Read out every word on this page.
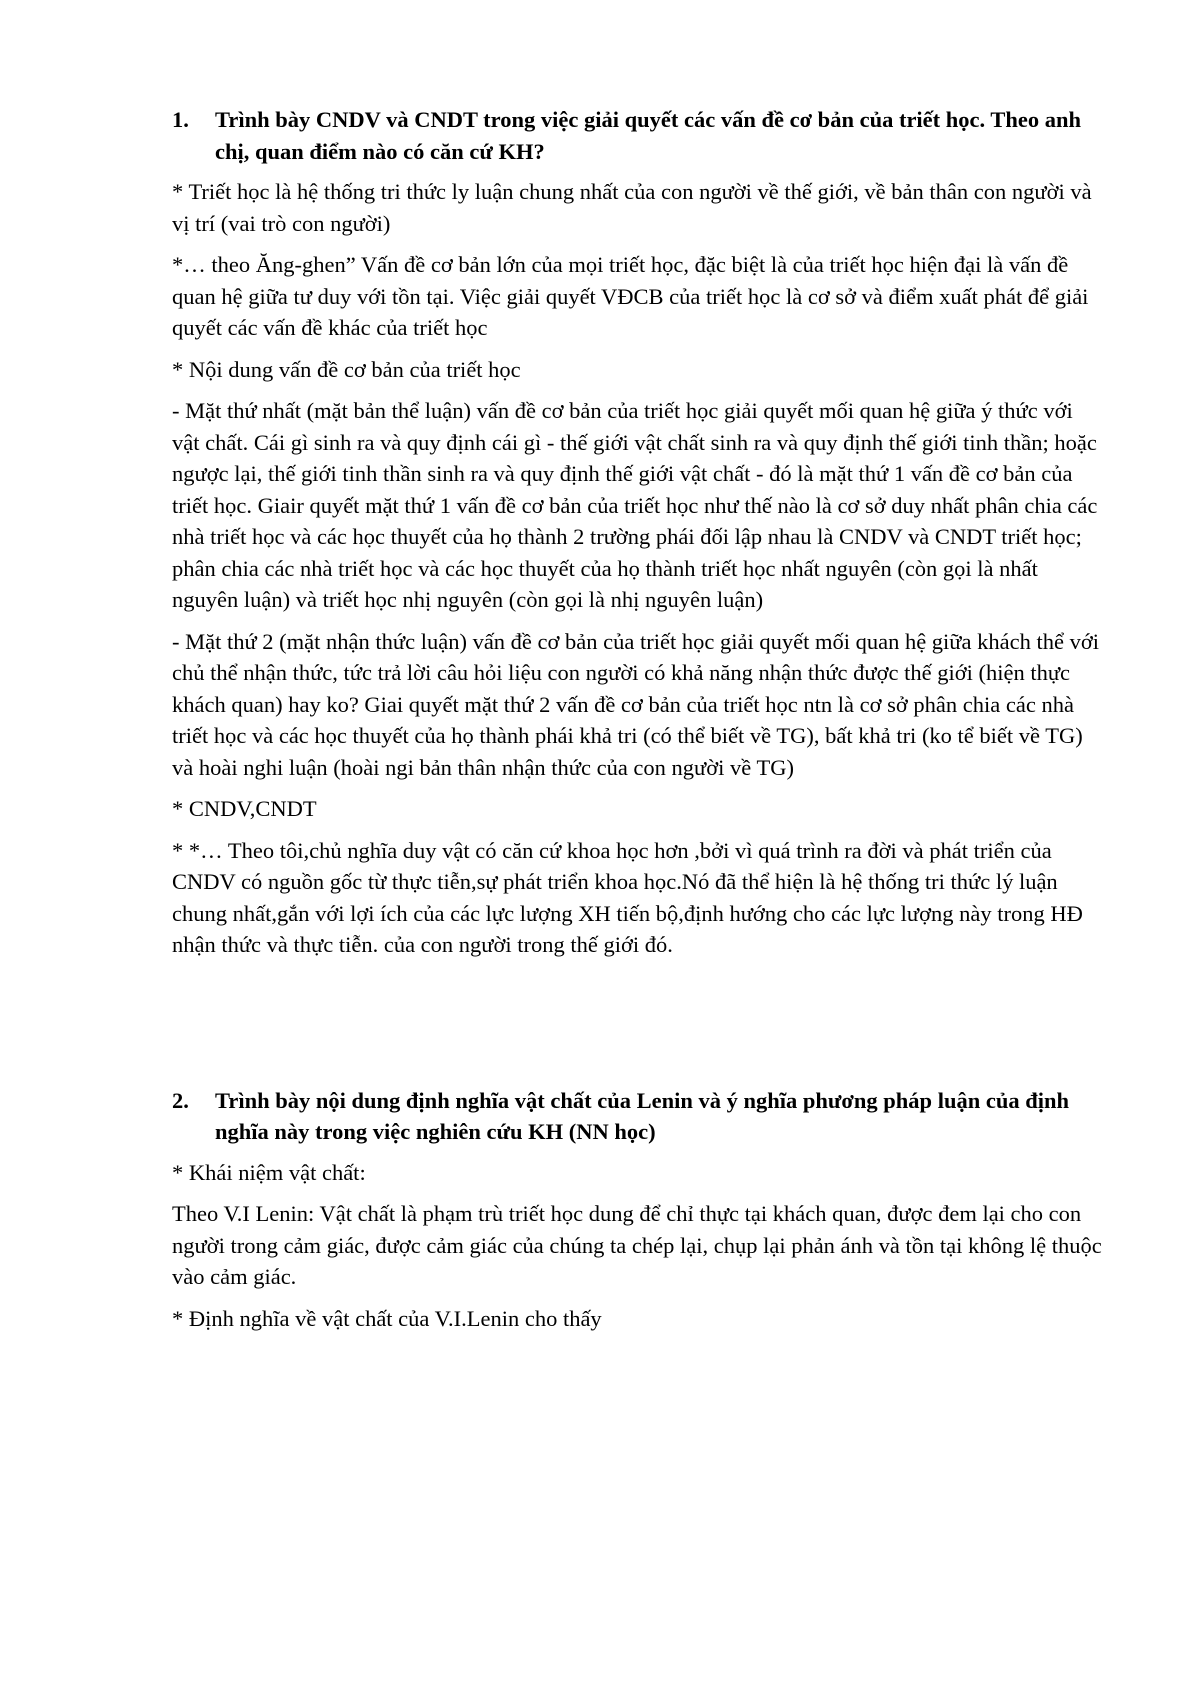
1.	Trình bày CNDV và CNDT trong việc giải quyết các vấn đề cơ bản của triết học. Theo anh chị, quan điểm nào có căn cứ KH?

* Triết học là hệ thống tri thức ly luận chung nhất của con người về thế giới, về bản thân con người và vị trí (vai trò con người)

*… theo Ăng-ghen” Vấn đề cơ bản lớn của mọi triết học, đặc biệt là của triết học hiện đại là vấn đề quan hệ giữa tư duy với tồn tại. Việc giải quyết VĐCB của triết học là cơ sở và điểm xuất phát để giải quyết các vấn đề khác của triết học

* Nội dung vấn đề cơ bản của triết học

- Mặt thứ nhất (mặt bản thể luận) vấn đề cơ bản của triết học giải quyết mối quan hệ giữa ý thức với vật chất. Cái gì sinh ra và quy định cái gì - thế giới vật chất sinh ra và quy định thế giới tinh thần; hoặc ngược lại, thế giới tinh thần sinh ra và quy định thế giới vật chất - đó là mặt thứ 1 vấn đề cơ bản của triết học. Giair quyết mặt thứ 1 vấn đề cơ bản của triết học như thế nào là cơ sở duy nhất phân chia các nhà triết học và các học thuyết của họ thành 2 trường phái đối lập nhau là CNDV và CNDT triết học; phân chia các nhà triết học và các học thuyết của họ thành triết học nhất nguyên (còn gọi là nhất nguyên luận) và triết học nhị nguyên (còn gọi là nhị nguyên luận)

- Mặt thứ 2 (mặt nhận thức luận) vấn đề cơ bản của triết học giải quyết mối quan hệ giữa khách thể với chủ thể nhận thức, tức trả lời câu hỏi liệu con người có khả năng nhận thức được thế giới (hiện thực khách quan) hay ko? Giai quyết mặt thứ 2 vấn đề cơ bản của triết học ntn là cơ sở phân chia các nhà triết học và các học thuyết của họ thành phái khả tri (có thể biết về TG), bất khả tri (ko tể biết về TG) và hoài nghi luận (hoài ngi bản thân nhận thức của con người về TG)

* CNDV,CNDT

* *… Theo tôi,chủ nghĩa duy vật có căn cứ khoa học hơn ,bởi vì quá trình ra đời và phát triển của CNDV có nguồn gốc từ thực tiễn,sự phát triển khoa học.Nó đã thể hiện là hệ thống tri thức lý luận chung nhất,gắn với lợi ích của các lực lượng XH tiến bộ,định hướng cho các lực lượng này trong HĐ nhận thức và thực tiễn. của con người trong thế giới đó.

2.	Trình bày nội dung định nghĩa vật chất của Lenin và ý nghĩa phương pháp luận của định nghĩa này trong việc nghiên cứu KH (NN học)

* Khái niệm vật chất:

Theo V.I Lenin: Vật chất là phạm trù triết học dung để chỉ thực tại khách quan, được đem lại cho con người trong cảm giác, được cảm giác của chúng ta chép lại, chụp lại phản ánh và tồn tại không lệ thuộc vào cảm giác.

* Định nghĩa về vật chất của V.I.Lenin cho thấy
